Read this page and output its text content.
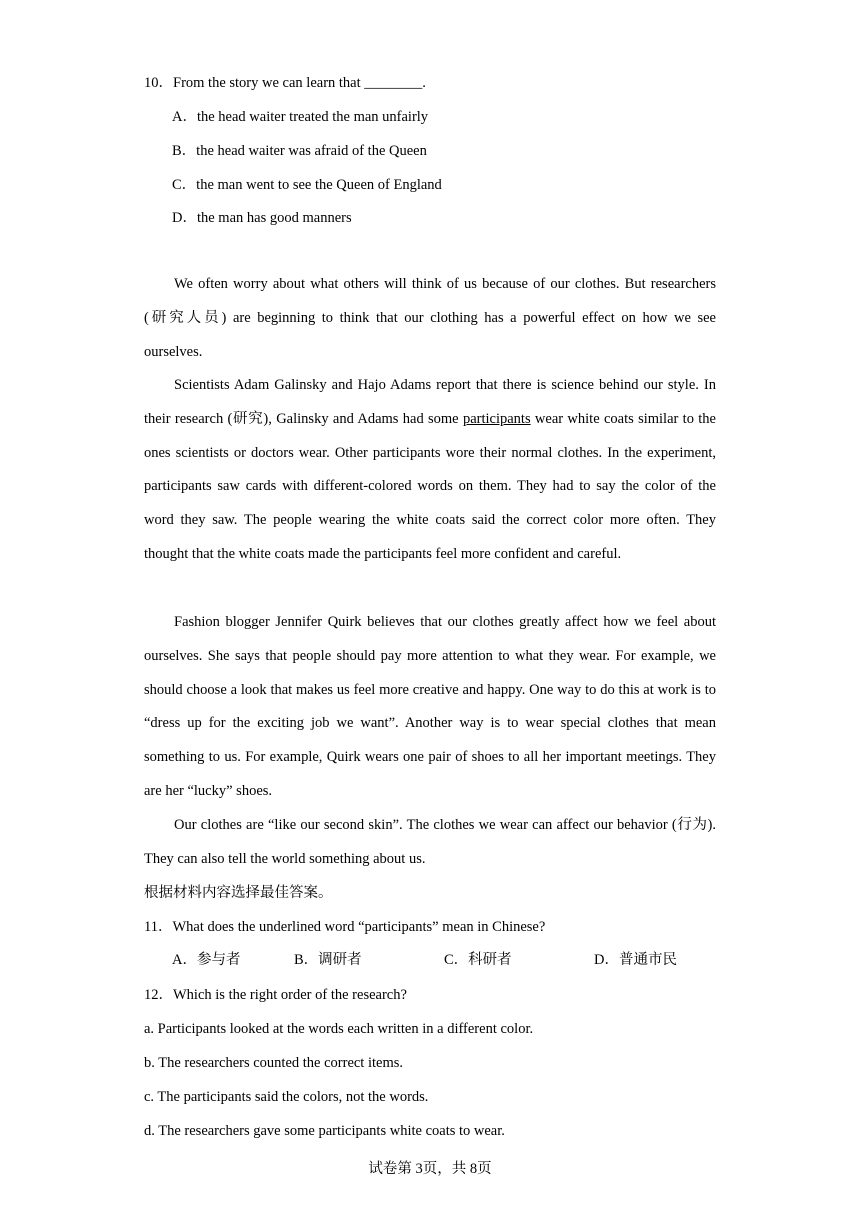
10．From the story we can learn that ________.
A．the head waiter treated the man unfairly
B．the head waiter was afraid of the Queen
C．the man went to see the Queen of England
D．the man has good manners
We often worry about what others will think of us because of our clothes. But researchers (研究人员) are beginning to think that our clothing has a powerful effect on how we see ourselves.
Scientists Adam Galinsky and Hajo Adams report that there is science behind our style. In their research (研究), Galinsky and Adams had some participants wear white coats similar to the ones scientists or doctors wear. Other participants wore their normal clothes. In the experiment, participants saw cards with different-colored words on them. They had to say the color of the word they saw. The people wearing the white coats said the correct color more often. They thought that the white coats made the participants feel more confident and careful.
Fashion blogger Jennifer Quirk believes that our clothes greatly affect how we feel about ourselves. She says that people should pay more attention to what they wear. For example, we should choose a look that makes us feel more creative and happy. One way to do this at work is to “dress up for the exciting job we want”. Another way is to wear special clothes that mean something to us. For example, Quirk wears one pair of shoes to all her important meetings. They are her “lucky” shoes.
Our clothes are “like our second skin”. The clothes we wear can affect our behavior (行为). They can also tell the world something about us.
根据材料内容选择最佳答案。
11．What does the underlined word “participants” mean in Chinese?
A．参与者	B．调研者	C．科研者	D．普通市民
12．Which is the right order of the research?
a. Participants looked at the words each written in a different color.
b. The researchers counted the correct items.
c. The participants said the colors, not the words.
d. The researchers gave some participants white coats to wear.
试卷第 3页，共 8页
